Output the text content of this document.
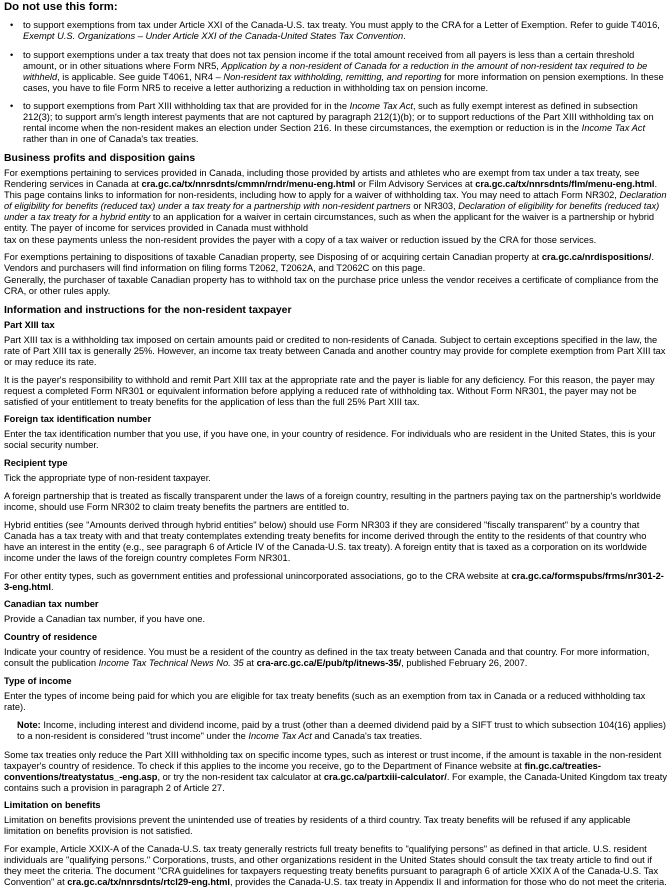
Do not use this form:
• to support exemptions from tax under Article XXI of the Canada-U.S. tax treaty. You must apply to the CRA for a Letter of Exemption. Refer to guide T4016, Exempt U.S. Organizations – Under Article XXI of the Canada-United States Tax Convention.
• to support exemptions under a tax treaty that does not tax pension income if the total amount received from all payers is less than a certain threshold amount, or in other situations where Form NR5, Application by a non-resident of Canada for a reduction in the amount of non-resident tax required to be withheld, is applicable. See guide T4061, NR4 – Non-resident tax withholding, remitting, and reporting for more information on pension exemptions. In these cases, you have to file Form NR5 to receive a letter authorizing a reduction in withholding tax on pension income.
• to support exemptions from Part XIII withholding tax that are provided for in the Income Tax Act, such as fully exempt interest as defined in subsection 212(3); to support arm's length interest payments that are not captured by paragraph 212(1)(b); or to support reductions of the Part XIII withholding tax on rental income when the non-resident makes an election under Section 216. In these circumstances, the exemption or reduction is in the Income Tax Act rather than in one of Canada's tax treaties.
Business profits and disposition gains

For exemptions pertaining to services provided in Canada, including those provided by artists and athletes who are exempt from tax under a tax treaty, see Rendering services in Canada at cra.gc.ca/tx/nnrsdnts/cmmn/rndr/menu-eng.html or Film Advisory Services at cra.gc.ca/tx/nnrsdnts/flm/menu-eng.html. This page contains links to information for non-residents, including how to apply for a waiver of withholding tax. You may need to attach Form NR302, Declaration of eligibility for benefits (reduced tax) under a tax treaty for a partnership with non-resident partners or NR303, Declaration of eligibility for benefits (reduced tax) under a tax treaty for a hybrid entity to an application for a waiver in certain circumstances, such as when the applicant for the waiver is a partnership or hybrid entity. The payer of income for services provided in Canada must withhold

tax on these payments unless the non-resident provides the payer with a copy of a tax waiver or reduction issued by the CRA for those services.

For exemptions pertaining to dispositions of taxable Canadian property, see Disposing of or acquiring certain Canadian property at cra.gc.ca/nrdispositions/. Vendors and purchasers will find information on filing forms T2062, T2062A, and T2062C on this page.

Generally, the purchaser of taxable Canadian property has to withhold tax on the purchase price unless the vendor receives a certificate of compliance from the CRA, or other rules apply.

Information and instructions for the non-resident taxpayer
Part XIII tax

Part XIII tax is a withholding tax imposed on certain amounts paid or credited to non-residents of Canada. Subject to certain exceptions specified in the law, the rate of Part XIII tax is generally 25%. However, an income tax treaty between Canada and another country may provide for complete exemption from Part XIII tax or may reduce its rate.

It is the payer's responsibility to withhold and remit Part XIII tax at the appropriate rate and the payer is liable for any deficiency. For this reason, the payer may request a completed Form NR301 or equivalent information before applying a reduced rate of withholding tax. Without Form NR301, the payer may not be satisfied of your entitlement to treaty benefits for the application of less than the full 25% Part XIII tax.

Foreign tax identification number

Enter the tax identification number that you use, if you have one, in your country of residence. For individuals who are resident in the United States, this is your social security number.

Recipient type

Tick the appropriate type of non-resident taxpayer.

A foreign partnership that is treated as fiscally transparent under the laws of a foreign country, resulting in the partners paying tax on the partnership's worldwide income, should use Form NR302 to claim treaty benefits the partners are entitled to.

Hybrid entities (see "Amounts derived through hybrid entities" below) should use Form NR303 if they are considered "fiscally transparent" by a country that Canada has a tax treaty with and that treaty contemplates extending treaty benefits for income derived through the entity to the residents of that country who have an interest in the entity (e.g., see paragraph 6 of Article IV of the Canada-U.S. tax treaty). A foreign entity that is taxed as a corporation on its worldwide income under the laws of the foreign country completes Form NR301.

For other entity types, such as government entities and professional unincorporated associations, go to the CRA website at cra.gc.ca/formspubs/frms/nr301-2-3-eng.html.

Canadian tax number

Provide a Canadian tax number, if you have one.

Country of residence

Indicate your country of residence. You must be a resident of the country as defined in the tax treaty between Canada and that country. For more information, consult the publication Income Tax Technical News No. 35 at cra-arc.gc.ca/E/pub/tp/itnews-35/, published February 26, 2007.

Type of income

Enter the types of income being paid for which you are eligible for tax treaty benefits (such as an exemption from tax in Canada or a reduced withholding tax rate).

Note: Income, including interest and dividend income, paid by a trust (other than a deemed dividend paid by a SIFT trust to which subsection 104(16) applies) to a non-resident is considered "trust income" under the Income Tax Act and Canada's tax treaties.

Some tax treaties only reduce the Part XIII withholding tax on specific income types, such as interest or trust income, if the amount is taxable in the non-resident taxpayer's country of residence. To check if this applies to the income you receive, go to the Department of Finance website at fin.gc.ca/treaties-conventions/treatystatus_-eng.asp, or try the non-resident tax calculator at cra.gc.ca/partxiii-calculator/. For example, the Canada-United Kingdom tax treaty contains such a provision in paragraph 2 of Article 27.

Limitation on benefits

Limitation on benefits provisions prevent the unintended use of treaties by residents of a third country. Tax treaty benefits will be refused if any applicable limitation on benefits provision is not satisfied.

For example, Article XXIX-A of the Canada-U.S. tax treaty generally restricts full treaty benefits to "qualifying persons" as defined in that article. U.S. resident individuals are "qualifying persons." Corporations, trusts, and other organizations resident in the United States should consult the tax treaty article to find out if they meet the criteria. The document "CRA guidelines for taxpayers requesting treaty benefits pursuant to paragraph 6 of article XXIX A of the Canada-U.S. Tax Convention" at cra.gc.ca/tx/nnrsdnts/rtcl29-eng.html, provides the Canada-U.S. tax treaty in Appendix II and information for those who do not meet the criteria.
